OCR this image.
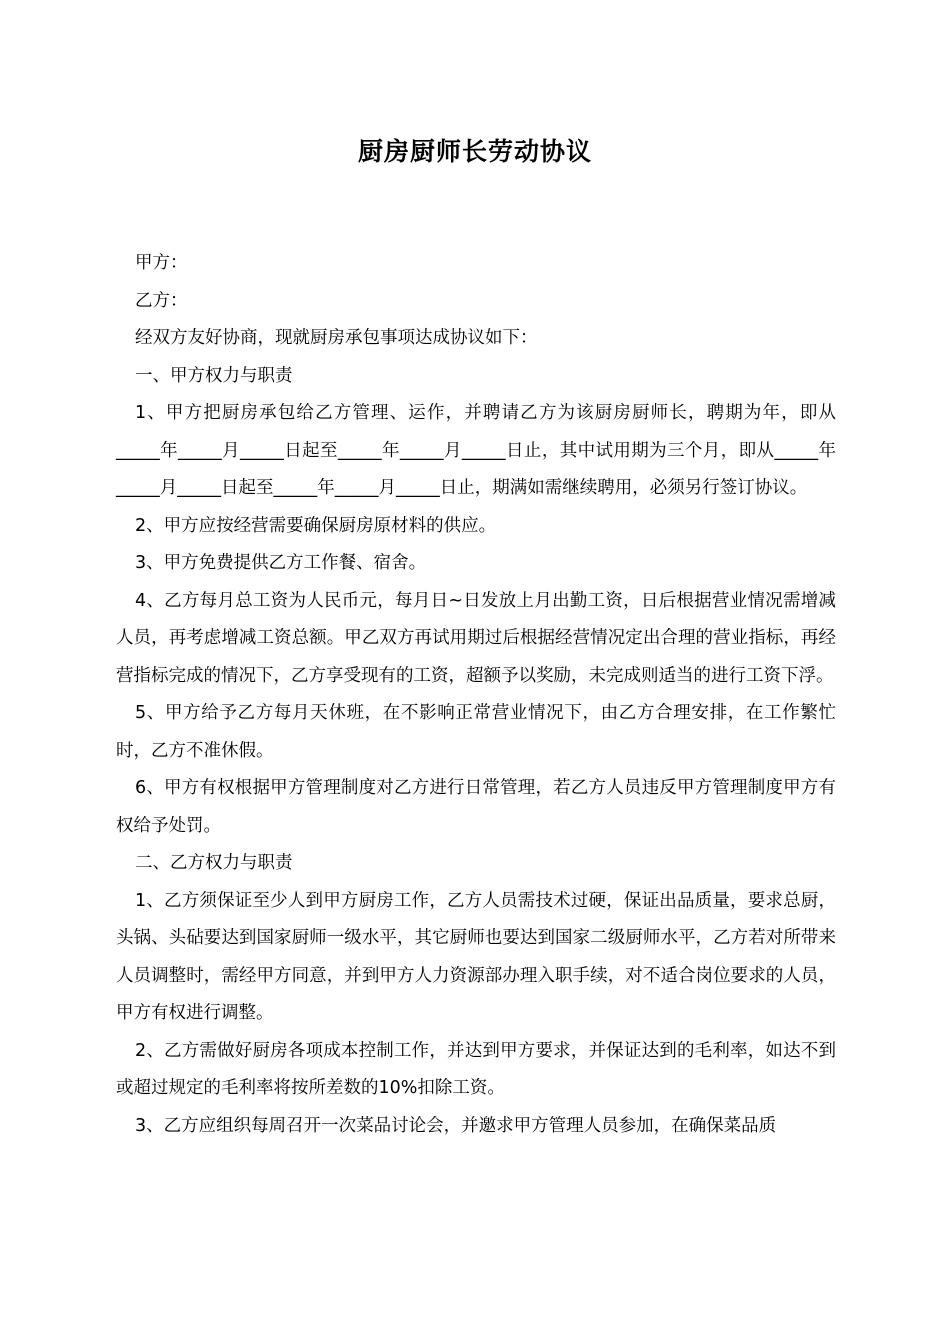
厨房厨师长劳动协议

甲方：

乙方：

经双方友好协商，现就厨房承包事项达成协议如下：

一、甲方权力与职责

1、甲方把厨房承包给乙方管理、运作，并聘请乙方为该厨房厨师长，聘期为年，即从_____年_____月_____日起至_____年_____月_____日止，其中试用期为三个月，即从_____年_____月_____日起至_____年_____月_____日止，期满如需继续聘用，必须另行签订协议。

2、甲方应按经营需要确保厨房原材料的供应。

3、甲方免费提供乙方工作餐、宿舍。

4、乙方每月总工资为人民币元，每月日~日发放上月出勤工资，日后根据营业情况需增减人员，再考虑增减工资总额。甲乙双方再试用期过后根据经营情况定出合理的营业指标，再经营指标完成的情况下，乙方享受现有的工资，超额予以奖励，未完成则适当的进行工资下浮。

5、甲方给予乙方每月天休班，在不影响正常营业情况下，由乙方合理安排，在工作繁忙时，乙方不准休假。

6、甲方有权根据甲方管理制度对乙方进行日常管理，若乙方人员违反甲方管理制度甲方有权给予处罚。

二、乙方权力与职责

1、乙方须保证至少人到甲方厨房工作，乙方人员需技术过硬，保证出品质量，要求总厨，头锅、头砧要达到国家厨师一级水平，其它厨师也要达到国家二级厨师水平，乙方若对所带来人员调整时，需经甲方同意，并到甲方人力资源部办理入职手续，对不适合岗位要求的人员，甲方有权进行调整。

2、乙方需做好厨房各项成本控制工作，并达到甲方要求，并保证达到的毛利率，如达不到或超过规定的毛利率将按所差数的10%扣除工资。

3、乙方应组织每周召开一次菜品讨论会，并邀求甲方管理人员参加，在确保菜品质
